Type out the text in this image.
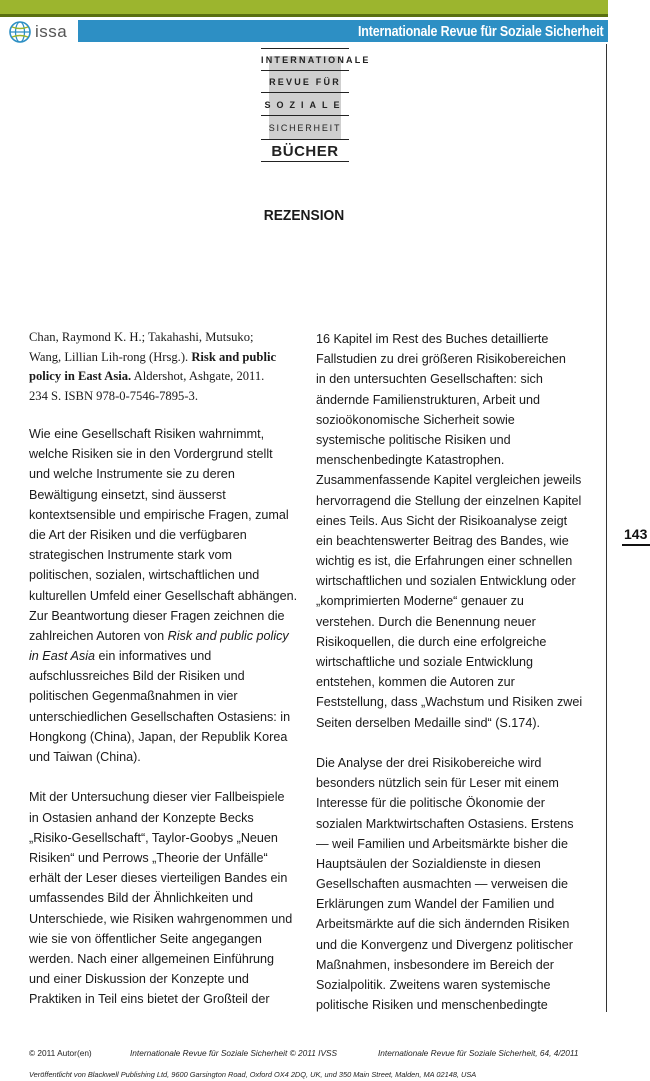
issa	Internationale Revue für Soziale Sicherheit
INTERNATIONALE
REVUE FÜR
SOZIALE
SICHERHEIT
BÜCHER
REZENSION
143
Chan, Raymond K. H.; Takahashi, Mutsuko;
Wang, Lillian Lih-rong (Hrsg.). Risk and public
policy in East Asia. Aldershot, Ashgate, 2011.
234 S. ISBN 978-0-7546-7895-3.
Wie eine Gesellschaft Risiken wahrnimmt,
welche Risiken sie in den Vordergrund stellt
und welche Instrumente sie zu deren
Bewältigung einsetzt, sind äusserst
kontextsensible und empirische Fragen, zumal
die Art der Risiken und die verfügbaren
strategischen Instrumente stark vom
politischen, sozialen, wirtschaftlichen und
kulturellen Umfeld einer Gesellschaft abhängen.
Zur Beantwortung dieser Fragen zeichnen die
zahlreichen Autoren von Risk and public policy
in East Asia ein informatives und
aufschlussreiches Bild der Risiken und
politischen Gegenmaßnahmen in vier
unterschiedlichen Gesellschaften Ostasiens: in
Hongkong (China), Japan, der Republik Korea
und Taiwan (China).
Mit der Untersuchung dieser vier Fallbeispiele
in Ostasien anhand der Konzepte Becks
„Risiko-Gesellschaft“, Taylor-Goobys „Neuen
Risiken“ und Perrows „Theorie der Unfälle“
erhält der Leser dieses vierteiligen Bandes ein
umfassendes Bild der Ähnlichkeiten und
Unterschiede, wie Risiken wahrgenommen und
wie sie von öffentlicher Seite angegangen
werden. Nach einer allgemeinen Einführung
und einer Diskussion der Konzepte und
Praktiken in Teil eins bietet der Großteil der
16 Kapitel im Rest des Buches detaillierte
Fallstudien zu drei größeren Risikobereichen
in den untersuchten Gesellschaften: sich
ändernde Familienstrukturen, Arbeit und
sozioökonomische Sicherheit sowie
systemische politische Risiken und
menschenbedingte Katastrophen.
Zusammenfassende Kapitel vergleichen jeweils
hervorragend die Stellung der einzelnen Kapitel
eines Teils. Aus Sicht der Risikoanalyse zeigt
ein beachtenswerter Beitrag des Bandes, wie
wichtig es ist, die Erfahrungen einer schnellen
wirtschaftlichen und sozialen Entwicklung oder
„komprimierten Moderne“ genauer zu
verstehen. Durch die Benennung neuer
Risikoquellen, die durch eine erfolgreiche
wirtschaftliche und soziale Entwicklung
entstehen, kommen die Autoren zur
Feststellung, dass „Wachstum und Risiken zwei
Seiten derselben Medaille sind“ (S.174).
Die Analyse der drei Risikobereiche wird
besonders nützlich sein für Leser mit einem
Interesse für die politische Ökonomie der
sozialen Marktwirtschaften Ostasiens. Erstens
— weil Familien und Arbeitsmärkte bisher die
Hauptsäulen der Sozialdienste in diesen
Gesellschaften ausmachten — verweisen die
Erklärungen zum Wandel der Familien und
Arbeitsmärkte auf die sich ändernden Risiken
und die Konvergenz und Divergenz politischer
Maßnahmen, insbesondere im Bereich der
Sozialpolitik. Zweitens waren systemische
politische Risiken und menschenbedingte
© 2011 Autor(en)	Internationale Revue für Soziale Sicherheit © 2011 IVSS	Internationale Revue für Soziale Sicherheit, 64, 4/2011
Veröffentlicht von Blackwell Publishing Ltd, 9600 Garsington Road, Oxford OX4 2DQ, UK, und 350 Main Street, Malden, MA 02148, USA
